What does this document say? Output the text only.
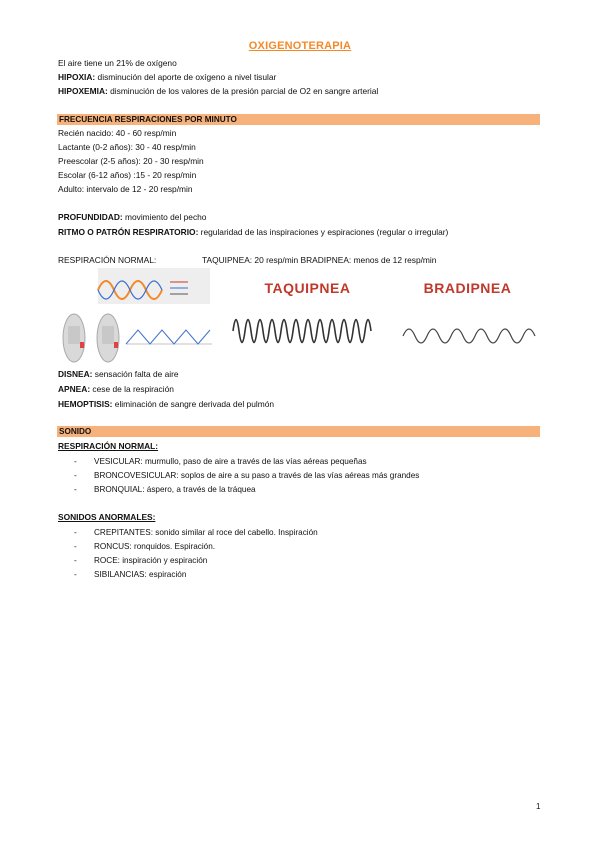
OXIGENOTERAPIA
El aire tiene un 21% de oxígeno
HIPOXIA: disminución del aporte de oxígeno a nivel tisular
HIPOXEMIA: disminución de los valores de la presión parcial de O2 en sangre arterial
FRECUENCIA RESPIRACIONES POR MINUTO
Recién nacido: 40 - 60 resp/min
Lactante (0-2 años): 30 - 40 resp/min
Preescolar (2-5 años): 20 - 30 resp/min
Escolar (6-12 años) :15 - 20 resp/min
Adulto: intervalo de 12 - 20 resp/min
PROFUNDIDAD: movimiento del pecho
RITMO O PATRÓN RESPIRATORIO: regularidad de las inspiraciones y espiraciones (regular o irregular)
RESPIRACIÓN NORMAL:	TAQUIPNEA: 20 resp/min BRADIPNEA: menos de 12 resp/min
TAQUIPNEA	BRADIPNEA
DISNEA: sensación falta de aire
APNEA: cese de la respiración
HEMOPTISIS: eliminación de sangre derivada del pulmón
SONIDO
RESPIRACIÓN NORMAL:
- VESICULAR: murmullo, paso de aire a través de las vías aéreas pequeñas
- BRONCOVESICULAR: soplos de aire a su paso a través de las vías aéreas más grandes
- BRONQUIAL: áspero, a través de la tráquea
SONIDOS ANORMALES:
- CREPITANTES: sonido similar al roce del cabello. Inspiración
- RONCUS: ronquidos. Espiración.
- ROCE: inspiración y espiración
- SIBILANCIAS: espiración
1
